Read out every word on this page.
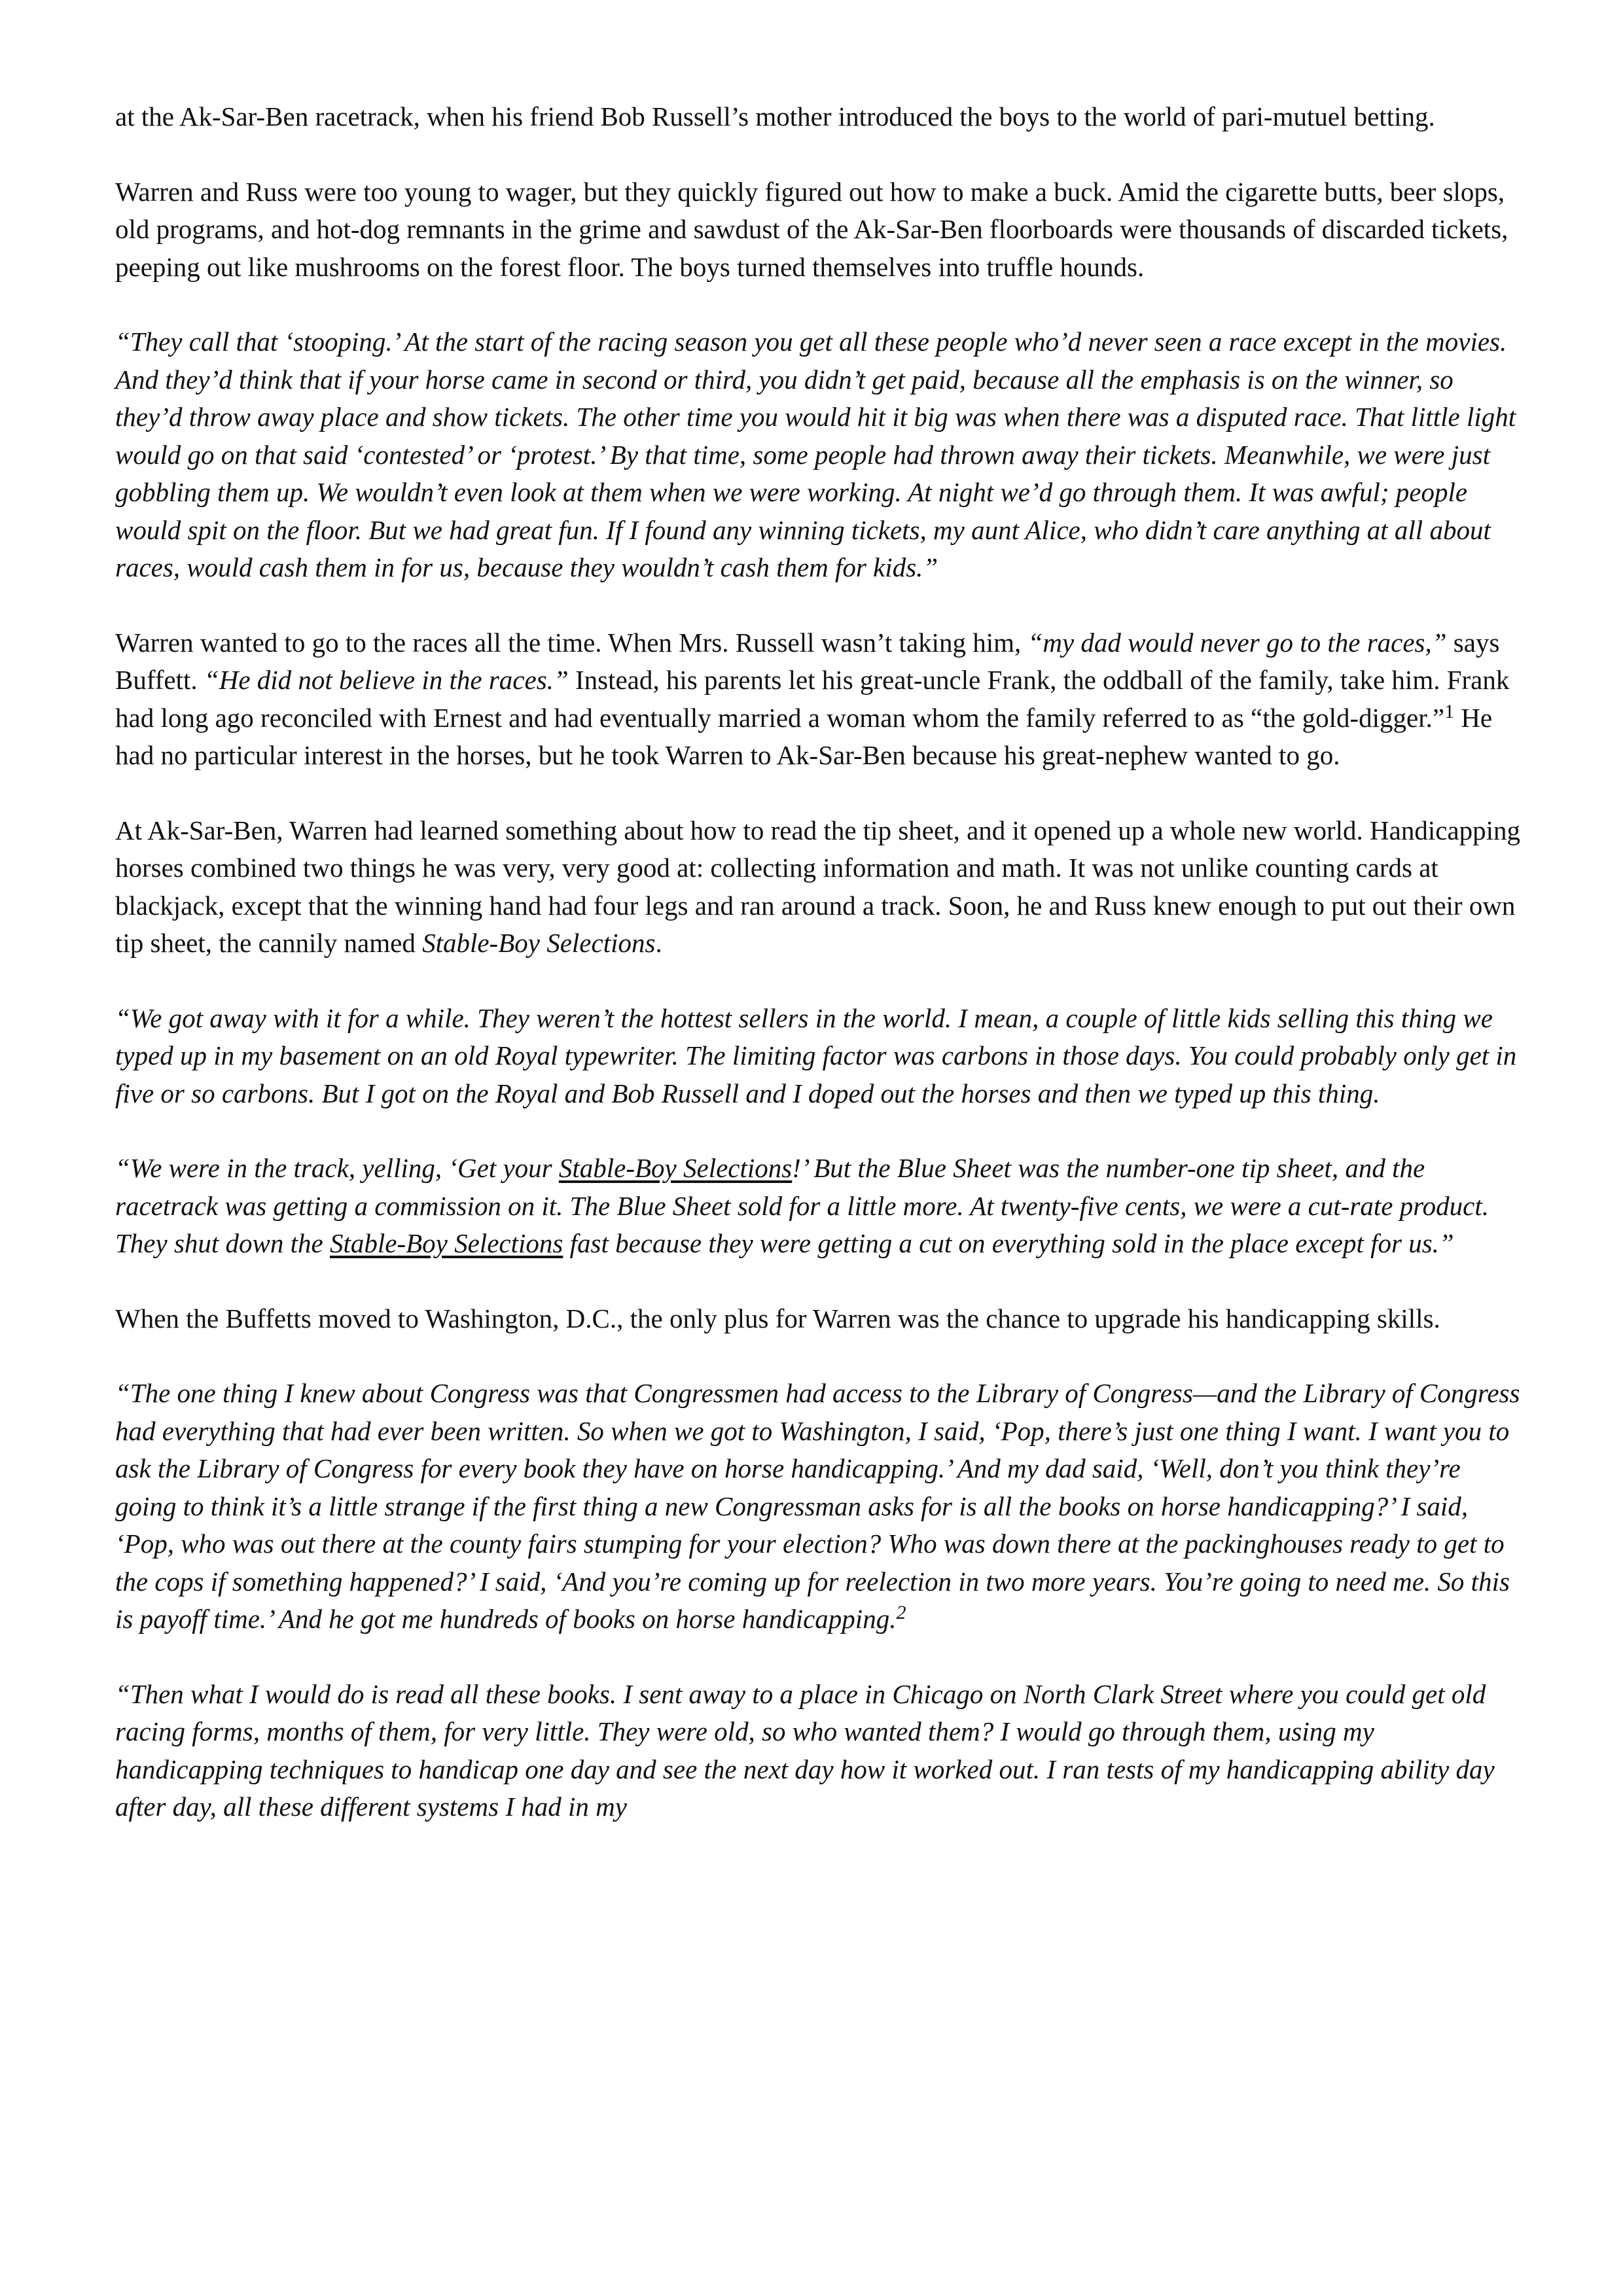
at the Ak-Sar-Ben racetrack, when his friend Bob Russell’s mother introduced the boys to the world of pari-mutuel betting.

Warren and Russ were too young to wager, but they quickly figured out how to make a buck. Amid the cigarette butts, beer slops, old programs, and hot-dog remnants in the grime and sawdust of the Ak-Sar-Ben floorboards were thousands of discarded tickets, peeping out like mushrooms on the forest floor. The boys turned themselves into truffle hounds.

“They call that ‘stooping.’ At the start of the racing season you get all these people who’d never seen a race except in the movies. And they’d think that if your horse came in second or third, you didn’t get paid, because all the emphasis is on the winner, so they’d throw away place and show tickets. The other time you would hit it big was when there was a disputed race. That little light would go on that said ‘contested’ or ‘protest.’ By that time, some people had thrown away their tickets. Meanwhile, we were just gobbling them up. We wouldn’t even look at them when we were working. At night we’d go through them. It was awful; people would spit on the floor. But we had great fun. If I found any winning tickets, my aunt Alice, who didn’t care anything at all about races, would cash them in for us, because they wouldn’t cash them for kids.”

Warren wanted to go to the races all the time. When Mrs. Russell wasn’t taking him, “my dad would never go to the races,” says Buffett. “He did not believe in the races.” Instead, his parents let his great-uncle Frank, the oddball of the family, take him. Frank had long ago reconciled with Ernest and had eventually married a woman whom the family referred to as “the gold-digger.”$^1$ He had no particular interest in the horses, but he took Warren to Ak-Sar-Ben because his great-nephew wanted to go.

At Ak-Sar-Ben, Warren had learned something about how to read the tip sheet, and it opened up a whole new world. Handicapping horses combined two things he was very, very good at: collecting information and math. It was not unlike counting cards at blackjack, except that the winning hand had four legs and ran around a track. Soon, he and Russ knew enough to put out their own tip sheet, the cannily named Stable-Boy Selections.

“We got away with it for a while. They weren’t the hottest sellers in the world. I mean, a couple of little kids selling this thing we typed up in my basement on an old Royal typewriter. The limiting factor was carbons in those days. You could probably only get in five or so carbons. But I got on the Royal and Bob Russell and I doped out the horses and then we typed up this thing.

“We were in the track, yelling, ‘Get your Stable-Boy Selections!’ But the Blue Sheet was the number-one tip sheet, and the racetrack was getting a commission on it. The Blue Sheet sold for a little more. At twenty-five cents, we were a cut-rate product. They shut down the Stable-Boy Selections fast because they were getting a cut on everything sold in the place except for us.”

When the Buffetts moved to Washington, D.C., the only plus for Warren was the chance to upgrade his handicapping skills.

“The one thing I knew about Congress was that Congressmen had access to the Library of Congress—and the Library of Congress had everything that had ever been written. So when we got to Washington, I said, ‘Pop, there’s just one thing I want. I want you to ask the Library of Congress for every book they have on horse handicapping.’ And my dad said, ‘Well, don’t you think they’re going to think it’s a little strange if the first thing a new Congressman asks for is all the books on horse handicapping?’ I said, ‘Pop, who was out there at the county fairs stumping for your election? Who was down there at the packinghouses ready to get to the cops if something happened?’ I said, ‘And you’re coming up for reelection in two more years. You’re going to need me. So this is payoff time.’ And he got me hundreds of books on horse handicapping.$^2$

“Then what I would do is read all these books. I sent away to a place in Chicago on North Clark Street where you could get old racing forms, months of them, for very little. They were old, so who wanted them? I would go through them, using my handicapping techniques to handicap one day and see the next day how it worked out. I ran tests of my handicapping ability day after day, all these different systems I had in my
